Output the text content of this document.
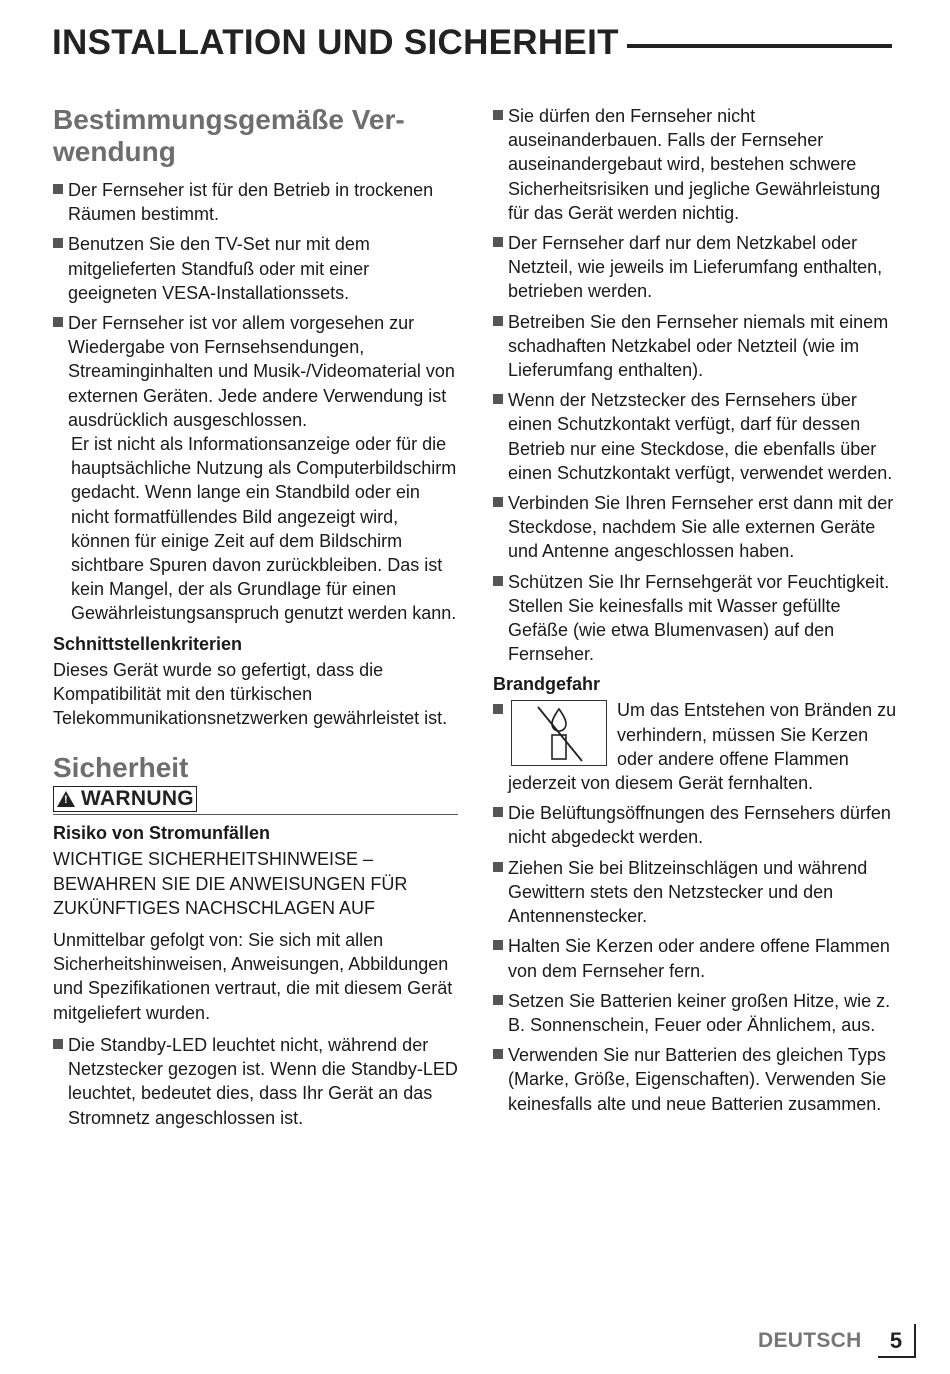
INSTALLATION UND SICHERHEIT
Bestimmungsgemäße Ver-
wendung
Der Fernseher ist für den Betrieb in trockenen Räumen bestimmt.
Benutzen Sie den TV-Set nur mit dem mitgelieferten Standfuß oder mit einer geeigneten VESA-Installationssets.
Der Fernseher ist vor allem vorgesehen zur Wiedergabe von Fernsehsendungen, Streaminginhalten und Musik-/Videomaterial von externen Geräten. Jede andere Verwendung ist ausdrücklich ausgeschlossen.
Er ist nicht als Informationsanzeige oder für die hauptsächliche Nutzung als Computerbildschirm gedacht. Wenn lange ein Standbild oder ein nicht formatfüllendes Bild angezeigt wird, können für einige Zeit auf dem Bildschirm sichtbare Spuren davon zurückbleiben. Das ist kein Mangel, der als Grundlage für einen Gewährleistungsanspruch genutzt werden kann.
Schnittstellenkriterien
Dieses Gerät wurde so gefertigt, dass die Kompatibilität mit den türkischen Telekommunikationsnetzwerken gewährleistet ist.
Sicherheit
! WARNUNG
Risiko von Stromunfällen
WICHTIGE SICHERHEITSHINWEISE – BEWAHREN SIE DIE ANWEISUNGEN FÜR ZUKÜNFTIGES NACHSCHLAGEN AUF
Unmittelbar gefolgt von: Sie sich mit allen Sicherheitshinweisen, Anweisungen, Abbildungen und Spezifikationen vertraut, die mit diesem Gerät mitgeliefert wurden.
Die Standby-LED leuchtet nicht, während der Netzstecker gezogen ist. Wenn die Standby-LED leuchtet, bedeutet dies, dass Ihr Gerät an das Stromnetz angeschlossen ist.
Sie dürfen den Fernseher nicht auseinanderbauen. Falls der Fernseher auseinandergebaut wird, bestehen schwere Sicherheitsrisiken und jegliche Gewährleistung für das Gerät werden nichtig.
Der Fernseher darf nur dem Netzkabel oder Netzteil, wie jeweils im Lieferumfang enthalten, betrieben werden.
Betreiben Sie den Fernseher niemals mit einem schadhaften Netzkabel oder Netzteil (wie im Lieferumfang enthalten).
Wenn der Netzstecker des Fernsehers über einen Schutzkontakt verfügt, darf für dessen Betrieb nur eine Steckdose, die ebenfalls über einen Schutzkontakt verfügt, verwendet werden.
Verbinden Sie Ihren Fernseher erst dann mit der Steckdose, nachdem Sie alle externen Geräte und Antenne angeschlossen haben.
Schützen Sie Ihr Fernsehgerät vor Feuchtigkeit. Stellen Sie keinesfalls mit Wasser gefüllte Gefäße (wie etwa Blumenvasen) auf den Fernseher.
Brandgefahr
Um das Entstehen von Bränden zu verhindern, müssen Sie Kerzen oder andere offene Flammen jederzeit von diesem Gerät fernhalten.
Die Belüftungsöffnungen des Fernsehers dürfen nicht abgedeckt werden.
Ziehen Sie bei Blitzeinschlägen und während Gewittern stets den Netzstecker und den Antennenstecker.
Halten Sie Kerzen oder andere offene Flammen von dem Fernseher fern.
Setzen Sie Batterien keiner großen Hitze, wie z. B. Sonnenschein, Feuer oder Ähnlichem, aus.
Verwenden Sie nur Batterien des gleichen Typs (Marke, Größe, Eigenschaften). Verwenden Sie keinesfalls alte und neue Batterien zusammen.
DEUTSCH	5
